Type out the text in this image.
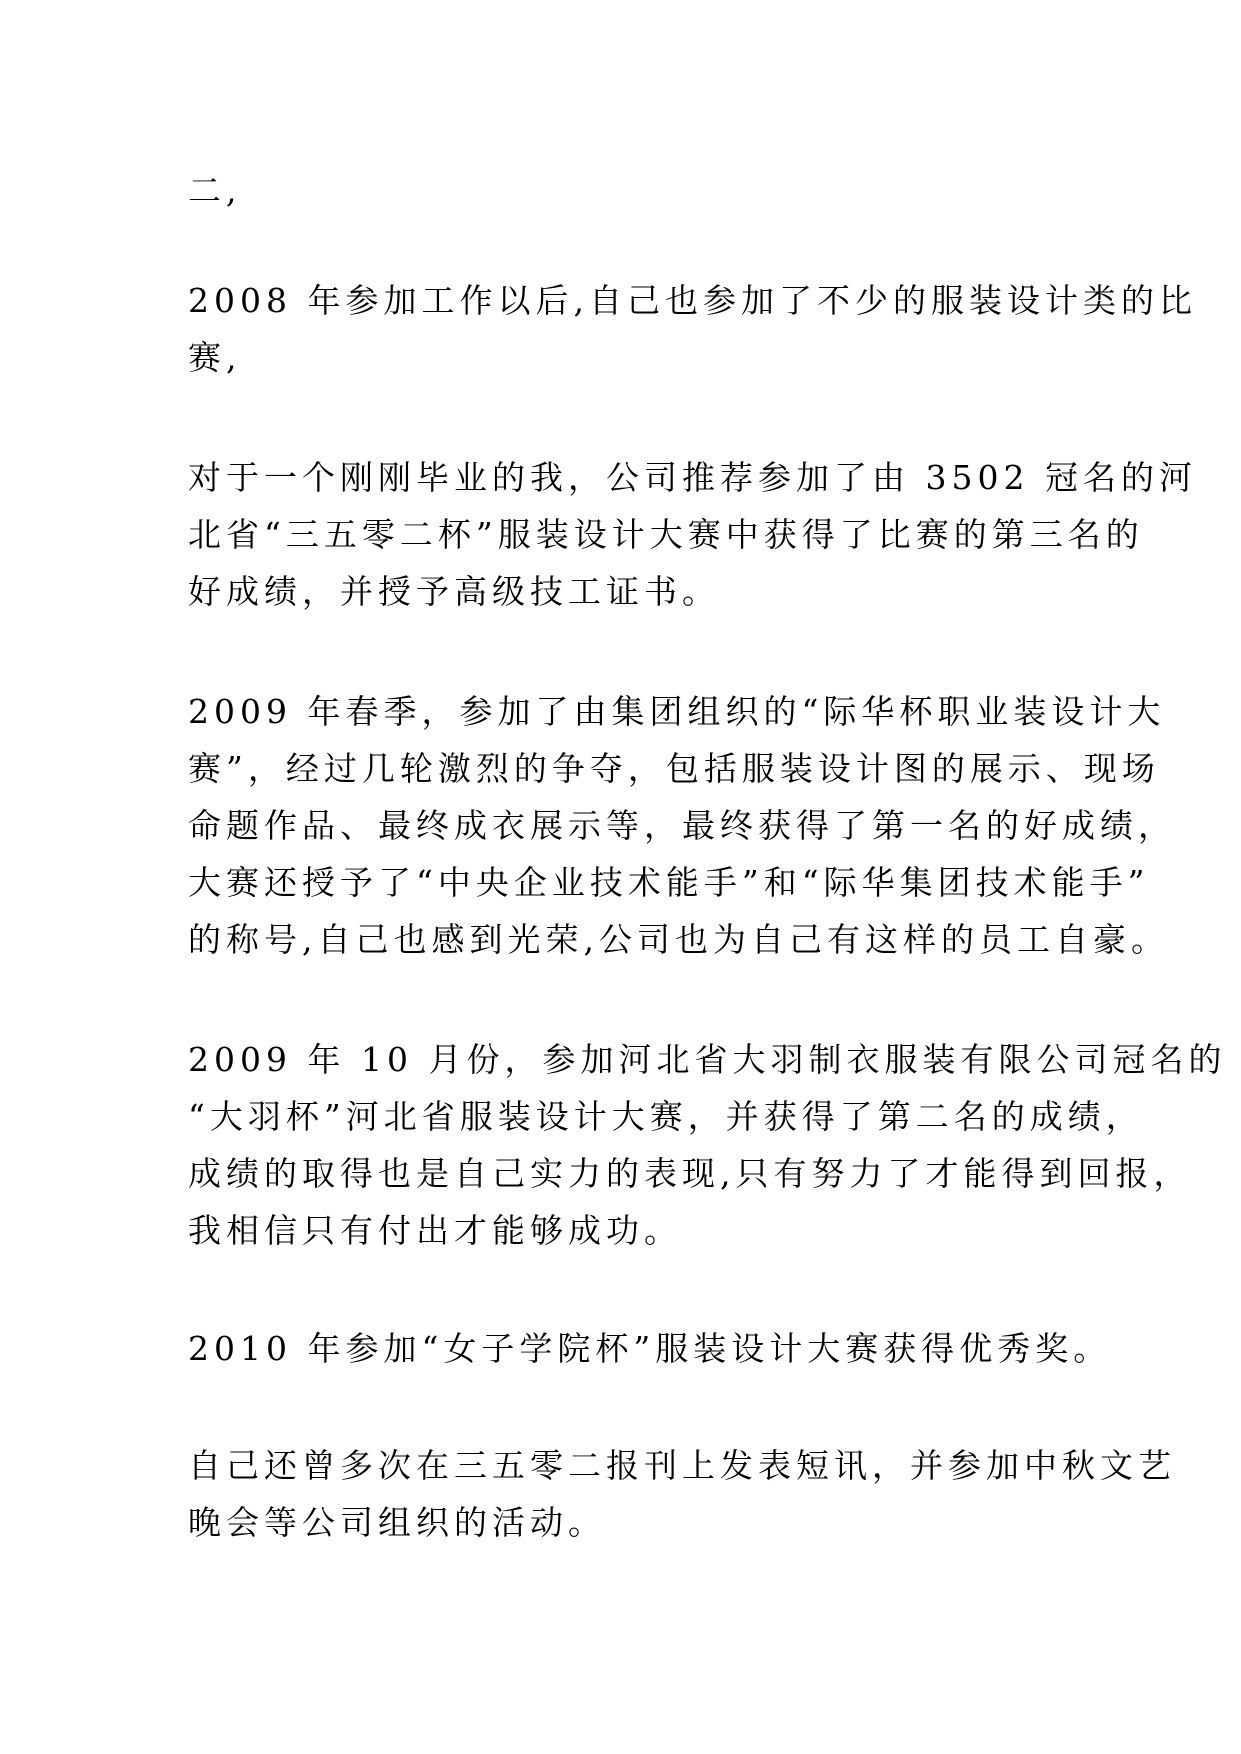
二,

2008 年参加工作以后,自己也参加了不少的服装设计类的比
赛,

对于一个刚刚毕业的我，公司推荐参加了由 3502 冠名的河
北省“三五零二杯”服装设计大赛中获得了比赛的第三名的
好成绩，并授予高级技工证书。

2009 年春季，参加了由集团组织的“际华杯职业装设计大
赛”，经过几轮激烈的争夺，包括服装设计图的展示、现场
命题作品、最终成衣展示等，最终获得了第一名的好成绩，
大赛还授予了“中央企业技术能手”和“际华集团技术能手”
的称号,自己也感到光荣,公司也为自己有这样的员工自豪。

2009 年 10 月份，参加河北省大羽制衣服装有限公司冠名的
“大羽杯”河北省服装设计大赛，并获得了第二名的成绩，
成绩的取得也是自己实力的表现,只有努力了才能得到回报，
我相信只有付出才能够成功。

2010 年参加“女子学院杯”服装设计大赛获得优秀奖。

自己还曾多次在三五零二报刊上发表短讯，并参加中秋文艺
晚会等公司组织的活动。
